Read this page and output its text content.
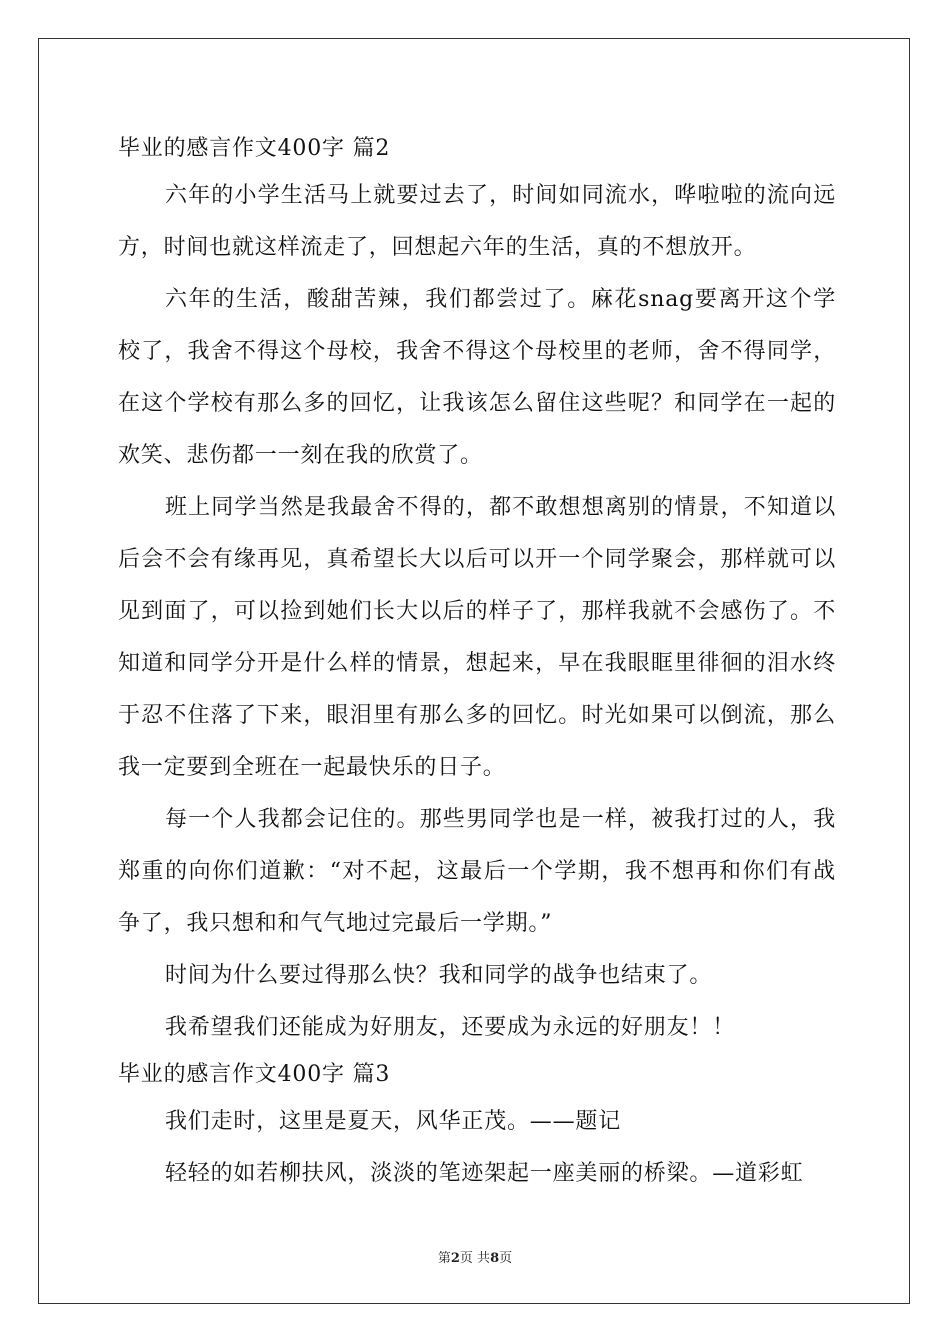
毕业的感言作文400字 篇2

六年的小学生活马上就要过去了，时间如同流水，哗啦啦的流向远方，时间也就这样流走了，回想起六年的生活，真的不想放开。

六年的生活，酸甜苦辣，我们都尝过了。麻花snag要离开这个学校了，我舍不得这个母校，我舍不得这个母校里的老师，舍不得同学，在这个学校有那么多的回忆，让我该怎么留住这些呢？和同学在一起的欢笑、悲伤都一一刻在我的欣赏了。

班上同学当然是我最舍不得的，都不敢想想离别的情景，不知道以后会不会有缘再见，真希望长大以后可以开一个同学聚会，那样就可以见到面了，可以捡到她们长大以后的样子了，那样我就不会感伤了。不知道和同学分开是什么样的情景，想起来，早在我眼眶里徘徊的泪水终于忍不住落了下来，眼泪里有那么多的回忆。时光如果可以倒流，那么我一定要到全班在一起最快乐的日子。

每一个人我都会记住的。那些男同学也是一样，被我打过的人，我郑重的向你们道歉：“对不起，这最后一个学期，我不想再和你们有战争了，我只想和和气气地过完最后一学期。”

时间为什么要过得那么快？我和同学的战争也结束了。

我希望我们还能成为好朋友，还要成为永远的好朋友！！

毕业的感言作文400字 篇3

我们走时，这里是夏天，风华正茂。——题记

轻轻的如若柳扶风，淡淡的笔迹架起一座美丽的桥梁。—道彩虹

第2页 共8页
